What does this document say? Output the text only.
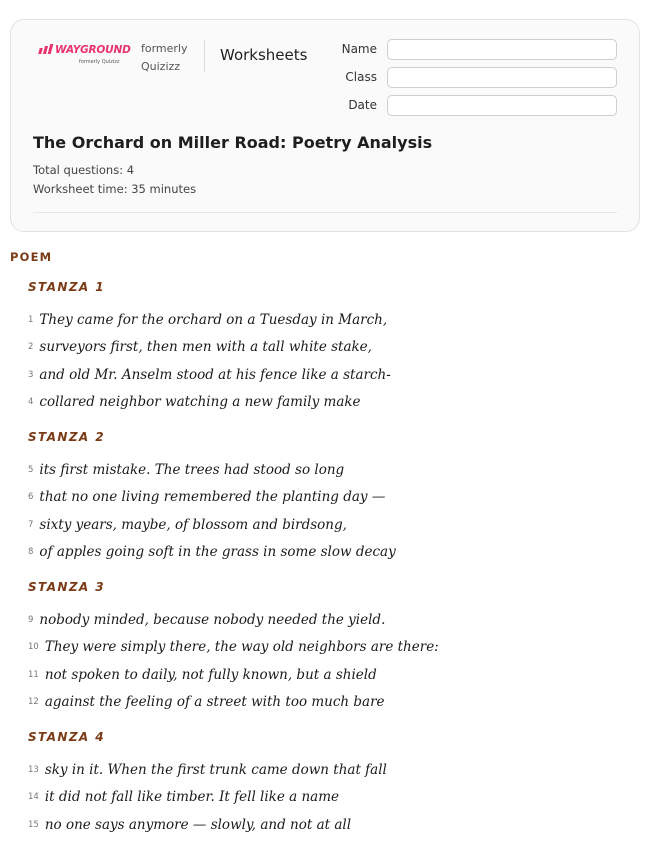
WAYGROUND
formerly Quizizz
formerly
Quizizz
Worksheets	Name
Class
Date
The Orchard on Miller Road: Poetry Analysis
Total questions: 4
Worksheet time: 35 minutes
POEM
STANZA 1
1 They came for the orchard on a Tuesday in March,
2 surveyors first, then men with a tall white stake,
3 and old Mr. Anselm stood at his fence like a starch-
4 collared neighbor watching a new family make
STANZA 2
5 its first mistake. The trees had stood so long
6 that no one living remembered the planting day —
7 sixty years, maybe, of blossom and birdsong,
8 of apples going soft in the grass in some slow decay
STANZA 3
9 nobody minded, because nobody needed the yield.
10 They were simply there, the way old neighbors are there:
11 not spoken to daily, not fully known, but a shield
12 against the feeling of a street with too much bare
STANZA 4
13 sky in it. When the first trunk came down that fall
14 it did not fall like timber. It fell like a name
15 no one says anymore — slowly, and not at all
